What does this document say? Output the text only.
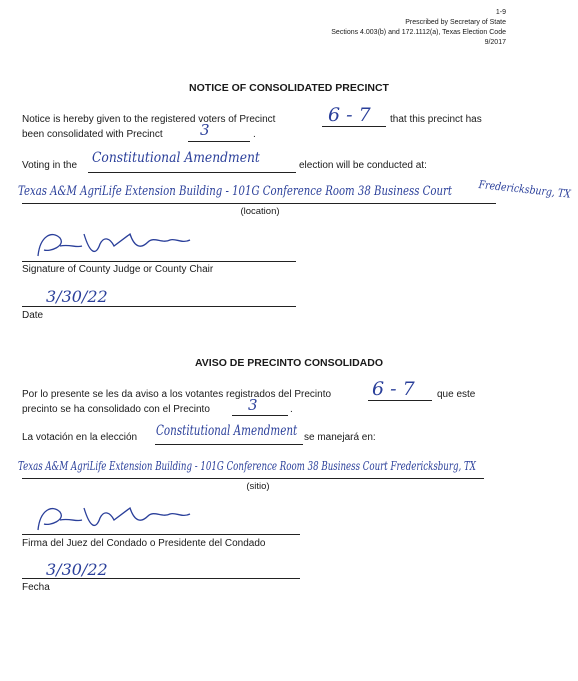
1-9
Prescribed by Secretary of State
Sections 4.003(b) and 172.1112(a), Texas Election Code
9/2017
NOTICE OF CONSOLIDATED PRECINCT
Notice is hereby given to the registered voters of Precinct	6 - 7 that this precinct has
been consolidated with Precinct 3	.
Voting in the Constitutional Amendment	election will be conducted at:
Texas A&M AgriLife Extension Building - 101G Conference Room 38 Business Court Fredericksburg, TX
(location)
Signature of County Judge or County Chair
3/30/22
Date
AVISO DE PRECINTO CONSOLIDADO
Por lo presente se les da aviso a los votantes registrados del Precinto 6 - 7 que este
precinto se ha consolidado con el Precinto	3	.
La votación en la elección Constitutional Amendment se manejará en:
Texas A&M AgriLife Extension Building - 101G Conference Room 38 Business Court Fredericksburg, TX
(sitio)
Firma del Juez del Condado o Presidente del Condado
3/30/22
Fecha
